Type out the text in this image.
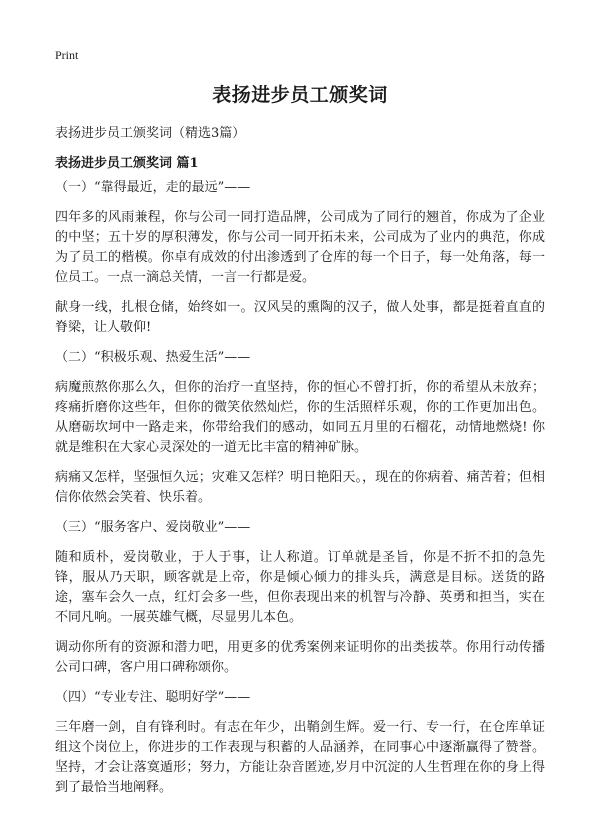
Print
表扬进步员工颁奖词
表扬进步员工颁奖词（精选3篇）
表扬进步员工颁奖词 篇1

（一）“靠得最近，走的最远”——

四年多的风雨兼程，你与公司一同打造品牌，公司成为了同行的翘首，你成为了企业的中坚；五十岁的厚积薄发，你与公司一同开拓未来，公司成为了业内的典范，你成为了员工的楷模。你卓有成效的付出渗透到了仓库的每一个日子，每一处角落，每一位员工。一点一滴总关情，一言一行都是爱。

献身一线，扎根仓储，始终如一。汉风吴的熏陶的汉子，做人处事，都是挺着直直的脊梁，让人敬仰!

（二）“积极乐观、热爱生活”——

病魔煎熬你那么久，但你的治疗一直坚持，你的恒心不曾打折，你的希望从未放弃；疼痛折磨你这些年，但你的微笑依然灿烂，你的生活照样乐观，你的工作更加出色。从磨砺坎坷中一路走来，你带给我们的感动，如同五月里的石榴花，动情地燃烧! 你就是维积在大家心灵深处的一道无比丰富的精神矿脉。

病痛又怎样，坚强恒久远；灾难又怎样？明日艳阳天。，现在的你病着、痛苦着；但相信你依然会笑着、快乐着。

（三）“服务客户、爱岗敬业”——

随和质朴，爱岗敬业，于人于事，让人称道。订单就是圣旨，你是不折不扣的急先锋，服从乃天职，顾客就是上帝，你是倾心倾力的排头兵，满意是目标。送货的路途，塞车会久一点，红灯会多一些，但你表现出来的机智与冷静、英勇和担当，实在不同凡响。一展英雄气概，尽显男儿本色。

调动你所有的资源和潜力吧，用更多的优秀案例来证明你的出类拔萃。你用行动传播公司口碑，客户用口碑称颂你。

（四）“专业专注、聪明好学”——

三年磨一剑，自有锋利时。有志在年少，出鞘剑生辉。爱一行、专一行，在仓库单证组这个岗位上，你进步的工作表现与积蓄的人品涵养，在同事心中逐渐赢得了赞誉。坚持，才会让落寞遁形；努力，方能让杂音匿迹,岁月中沉淀的人生哲理在你的身上得到了最恰当地阐释。
